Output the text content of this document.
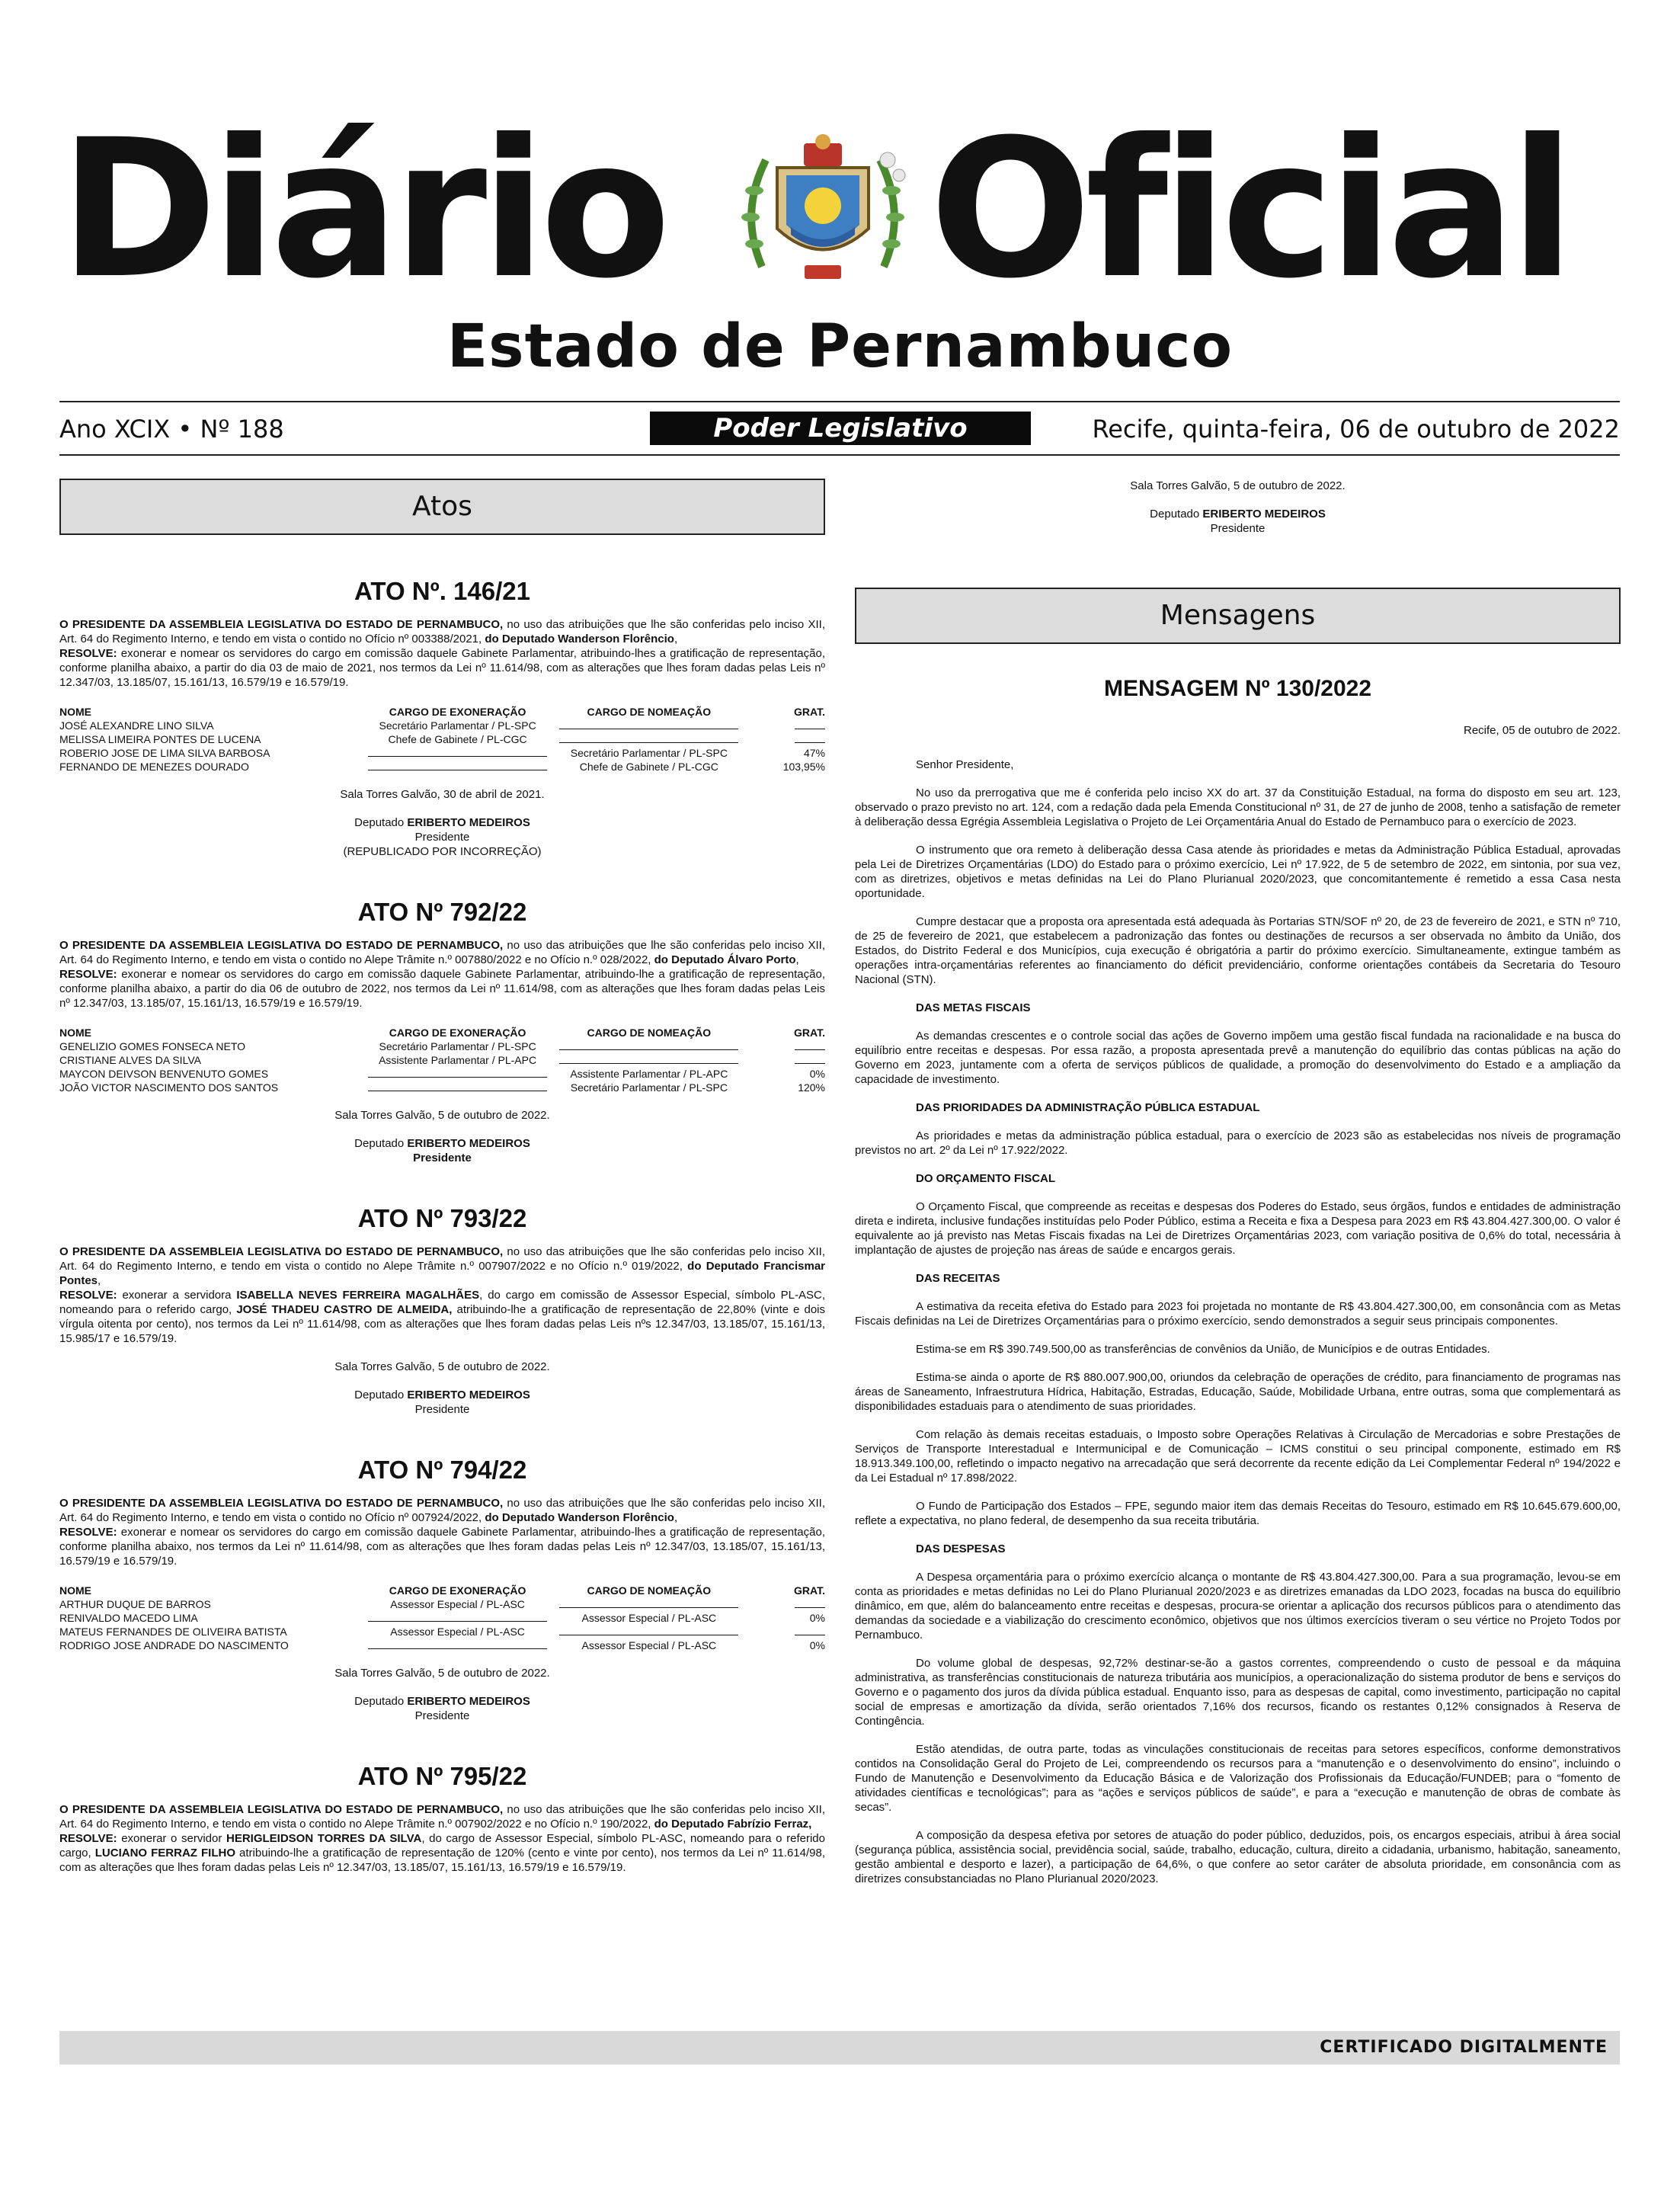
Diário Oficial
Estado de Pernambuco
Ano XCIX • Nº 188	Poder Legislativo	Recife, quinta-feira, 06 de outubro de 2022
Atos
ATO Nº. 146/21

O PRESIDENTE DA ASSEMBLEIA LEGISLATIVA DO ESTADO DE PERNAMBUCO, no uso das atribuições que lhe são conferidas pelo inciso XII, Art. 64 do Regimento Interno, e tendo em vista o contido no Ofício nº 003388/2021, do Deputado Wanderson Florêncio,
RESOLVE: exonerar e nomear os servidores do cargo em comissão daquele Gabinete Parlamentar, atribuindo-lhes a gratificação de representação, conforme planilha abaixo, a partir do dia 03 de maio de 2021, nos termos da Lei nº 11.614/98, com as alterações que lhes foram dadas pelas Leis nº 12.347/03, 13.185/07, 15.161/13, 16.579/19 e 16.579/19.

NOME	CARGO DE EXONERAÇÃO	CARGO DE NOMEAÇÃO	GRAT.
JOSÉ ALEXANDRE LINO SILVA	Secretário Parlamentar / PL-SPC		
MELISSA LIMEIRA PONTES DE LUCENA	Chefe de Gabinete / PL-CGC		
ROBERIO JOSE DE LIMA SILVA BARBOSA		Secretário Parlamentar / PL-SPC	47%
FERNANDO DE MENEZES DOURADO		Chefe de Gabinete / PL-CGC	103,95%
Sala Torres Galvão, 30 de abril de 2021.
Deputado ERIBERTO MEDEIROS
Presidente
(REPUBLICADO POR INCORREÇÃO)
ATO Nº 792/22

O PRESIDENTE DA ASSEMBLEIA LEGISLATIVA DO ESTADO DE PERNAMBUCO, no uso das atribuições que lhe são conferidas pelo inciso XII, Art. 64 do Regimento Interno, e tendo em vista o contido no Alepe Trâmite n.º 007880/2022 e no Ofício n.º 028/2022, do Deputado Álvaro Porto,
RESOLVE: exonerar e nomear os servidores do cargo em comissão daquele Gabinete Parlamentar, atribuindo-lhe a gratificação de representação, conforme planilha abaixo, a partir do dia 06 de outubro de 2022, nos termos da Lei nº 11.614/98, com as alterações que lhes foram dadas pelas Leis nº 12.347/03, 13.185/07, 15.161/13, 16.579/19 e 16.579/19.

NOME	CARGO DE EXONERAÇÃO	CARGO DE NOMEAÇÃO	GRAT.
GENELIZIO GOMES FONSECA NETO	Secretário Parlamentar / PL-SPC		
CRISTIANE ALVES DA SILVA	Assistente Parlamentar / PL-APC		
MAYCON DEIVSON BENVENUTO GOMES		Assistente Parlamentar / PL-APC	0%
JOÃO VICTOR NASCIMENTO DOS SANTOS		Secretário Parlamentar / PL-SPC	120%
Sala Torres Galvão, 5 de outubro de 2022.
Deputado ERIBERTO MEDEIROS
Presidente
ATO Nº 793/22

O PRESIDENTE DA ASSEMBLEIA LEGISLATIVA DO ESTADO DE PERNAMBUCO, no uso das atribuições que lhe são conferidas pelo inciso XII, Art. 64 do Regimento Interno, e tendo em vista o contido no Alepe Trâmite n.º 007907/2022 e no Ofício n.º 019/2022, do Deputado Francismar Pontes,
RESOLVE: exonerar a servidora ISABELLA NEVES FERREIRA MAGALHÃES, do cargo em comissão de Assessor Especial, símbolo PL-ASC, nomeando para o referido cargo, JOSÉ THADEU CASTRO DE ALMEIDA, atribuindo-lhe a gratificação de representação de 22,80% (vinte e dois vírgula oitenta por cento), nos termos da Lei nº 11.614/98, com as alterações que lhes foram dadas pelas Leis nºs 12.347/03, 13.185/07, 15.161/13, 15.985/17 e 16.579/19.

Sala Torres Galvão, 5 de outubro de 2022.
Deputado ERIBERTO MEDEIROS
Presidente
ATO Nº 794/22

O PRESIDENTE DA ASSEMBLEIA LEGISLATIVA DO ESTADO DE PERNAMBUCO, no uso das atribuições que lhe são conferidas pelo inciso XII, Art. 64 do Regimento Interno, e tendo em vista o contido no Ofício nº 007924/2022, do Deputado Wanderson Florêncio,
RESOLVE: exonerar e nomear os servidores do cargo em comissão daquele Gabinete Parlamentar, atribuindo-lhes a gratificação de representação, conforme planilha abaixo, nos termos da Lei nº 11.614/98, com as alterações que lhes foram dadas pelas Leis nº 12.347/03, 13.185/07, 15.161/13, 16.579/19 e 16.579/19.

NOME	CARGO DE EXONERAÇÃO	CARGO DE NOMEAÇÃO	GRAT.
ARTHUR DUQUE DE BARROS	Assessor Especial / PL-ASC		
RENIVALDO MACEDO LIMA		Assessor Especial / PL-ASC	0%
MATEUS FERNANDES DE OLIVEIRA BATISTA	Assessor Especial / PL-ASC		
RODRIGO JOSE ANDRADE DO NASCIMENTO		Assessor Especial / PL-ASC	0%
Sala Torres Galvão, 5 de outubro de 2022.
Deputado ERIBERTO MEDEIROS
Presidente
ATO Nº 795/22

O PRESIDENTE DA ASSEMBLEIA LEGISLATIVA DO ESTADO DE PERNAMBUCO, no uso das atribuições que lhe são conferidas pelo inciso XII, Art. 64 do Regimento Interno, e tendo em vista o contido no Alepe Trâmite n.º 007902/2022 e no Ofício n.º 190/2022, do Deputado Fabrízio Ferraz,
RESOLVE: exonerar o servidor HERIGLEIDSON TORRES DA SILVA, do cargo de Assessor Especial, símbolo PL-ASC, nomeando para o referido cargo, LUCIANO FERRAZ FILHO atribuindo-lhe a gratificação de representação de 120% (cento e vinte por cento), nos termos da Lei nº 11.614/98, com as alterações que lhes foram dadas pelas Leis nº 12.347/03, 13.185/07, 15.161/13, 16.579/19 e 16.579/19.

Sala Torres Galvão, 5 de outubro de 2022.
Deputado ERIBERTO MEDEIROS
Presidente
Mensagens
MENSAGEM Nº 130/2022
Recife, 05 de outubro de 2022.

Senhor Presidente,

No uso da prerrogativa que me é conferida pelo inciso XX do art. 37 da Constituição Estadual, na forma do disposto em seu art. 123, observado o prazo previsto no art. 124, com a redação dada pela Emenda Constitucional nº 31, de 27 de junho de 2008, tenho a satisfação de remeter à deliberação dessa Egrégia Assembleia Legislativa o Projeto de Lei Orçamentária Anual do Estado de Pernambuco para o exercício de 2023.

O instrumento que ora remeto à deliberação dessa Casa atende às prioridades e metas da Administração Pública Estadual, aprovadas pela Lei de Diretrizes Orçamentárias (LDO) do Estado para o próximo exercício, Lei nº 17.922, de 5 de setembro de 2022, em sintonia, por sua vez, com as diretrizes, objetivos e metas definidas na Lei do Plano Plurianual 2020/2023, que concomitantemente é remetido a essa Casa nesta oportunidade.

Cumpre destacar que a proposta ora apresentada está adequada às Portarias STN/SOF nº 20, de 23 de fevereiro de 2021, e STN nº 710, de 25 de fevereiro de 2021, que estabelecem a padronização das fontes ou destinações de recursos a ser observada no âmbito da União, dos Estados, do Distrito Federal e dos Municípios, cuja execução é obrigatória a partir do próximo exercício. Simultaneamente, extingue também as operações intra-orçamentárias referentes ao financiamento do déficit previdenciário, conforme orientações contábeis da Secretaria do Tesouro Nacional (STN).

DAS METAS FISCAIS

As demandas crescentes e o controle social das ações de Governo impõem uma gestão fiscal fundada na racionalidade e na busca do equilíbrio entre receitas e despesas. Por essa razão, a proposta apresentada prevê a manutenção do equilíbrio das contas públicas na ação do Governo em 2023, juntamente com a oferta de serviços públicos de qualidade, a promoção do desenvolvimento do Estado e a ampliação da capacidade de investimento.

DAS PRIORIDADES DA ADMINISTRAÇÃO PÚBLICA ESTADUAL

As prioridades e metas da administração pública estadual, para o exercício de 2023 são as estabelecidas nos níveis de programação previstos no art. 2º da Lei nº 17.922/2022.

DO ORÇAMENTO FISCAL

O Orçamento Fiscal, que compreende as receitas e despesas dos Poderes do Estado, seus órgãos, fundos e entidades de administração direta e indireta, inclusive fundações instituídas pelo Poder Público, estima a Receita e fixa a Despesa para 2023 em R$ 43.804.427.300,00. O valor é equivalente ao já previsto nas Metas Fiscais fixadas na Lei de Diretrizes Orçamentárias 2023, com variação positiva de 0,6% do total, necessária à implantação de ajustes de projeção nas áreas de saúde e encargos gerais.

DAS RECEITAS

A estimativa da receita efetiva do Estado para 2023 foi projetada no montante de R$ 43.804.427.300,00, em consonância com as Metas Fiscais definidas na Lei de Diretrizes Orçamentárias para o próximo exercício, sendo demonstrados a seguir seus principais componentes.

Estima-se em R$ 390.749.500,00 as transferências de convênios da União, de Municípios e de outras Entidades.

Estima-se ainda o aporte de R$ 880.007.900,00, oriundos da celebração de operações de crédito, para financiamento de programas nas áreas de Saneamento, Infraestrutura Hídrica, Habitação, Estradas, Educação, Saúde, Mobilidade Urbana, entre outras, soma que complementará as disponibilidades estaduais para o atendimento de suas prioridades.

Com relação às demais receitas estaduais, o Imposto sobre Operações Relativas à Circulação de Mercadorias e sobre Prestações de Serviços de Transporte Interestadual e Intermunicipal e de Comunicação – ICMS constitui o seu principal componente, estimado em R$ 18.913.349.100,00, refletindo o impacto negativo na arrecadação que será decorrente da recente edição da Lei Complementar Federal nº 194/2022 e da Lei Estadual nº 17.898/2022.

O Fundo de Participação dos Estados – FPE, segundo maior item das demais Receitas do Tesouro, estimado em R$ 10.645.679.600,00, reflete a expectativa, no plano federal, de desempenho da sua receita tributária.

DAS DESPESAS

A Despesa orçamentária para o próximo exercício alcança o montante de R$ 43.804.427.300,00. Para a sua programação, levou-se em conta as prioridades e metas definidas no Lei do Plano Plurianual 2020/2023 e as diretrizes emanadas da LDO 2023, focadas na busca do equilíbrio dinâmico, em que, além do balanceamento entre receitas e despesas, procura-se orientar a aplicação dos recursos públicos para o atendimento das demandas da sociedade e a viabilização do crescimento econômico, objetivos que nos últimos exercícios tiveram o seu vértice no Projeto Todos por Pernambuco.

Do volume global de despesas, 92,72% destinar-se-ão a gastos correntes, compreendendo o custo de pessoal e da máquina administrativa, as transferências constitucionais de natureza tributária aos municípios, a operacionalização do sistema produtor de bens e serviços do Governo e o pagamento dos juros da dívida pública estadual. Enquanto isso, para as despesas de capital, como investimento, participação no capital social de empresas e amortização da dívida, serão orientados 7,16% dos recursos, ficando os restantes 0,12% consignados à Reserva de Contingência.

Estão atendidas, de outra parte, todas as vinculações constitucionais de receitas para setores específicos, conforme demonstrativos contidos na Consolidação Geral do Projeto de Lei, compreendendo os recursos para a “manutenção e o desenvolvimento do ensino”, incluindo o Fundo de Manutenção e Desenvolvimento da Educação Básica e de Valorização dos Profissionais da Educação/FUNDEB; para o “fomento de atividades científicas e tecnológicas”; para as “ações e serviços públicos de saúde”, e para a “execução e manutenção de obras de combate às secas”.

A composição da despesa efetiva por setores de atuação do poder público, deduzidos, pois, os encargos especiais, atribui à área social (segurança pública, assistência social, previdência social, saúde, trabalho, educação, cultura, direito a cidadania, urbanismo, habitação, saneamento, gestão ambiental e desporto e lazer), a participação de 64,6%, o que confere ao setor caráter de absoluta prioridade, em consonância com as diretrizes consubstanciadas no Plano Plurianual 2020/2023.

CERTIFICADO DIGITALMENTE
